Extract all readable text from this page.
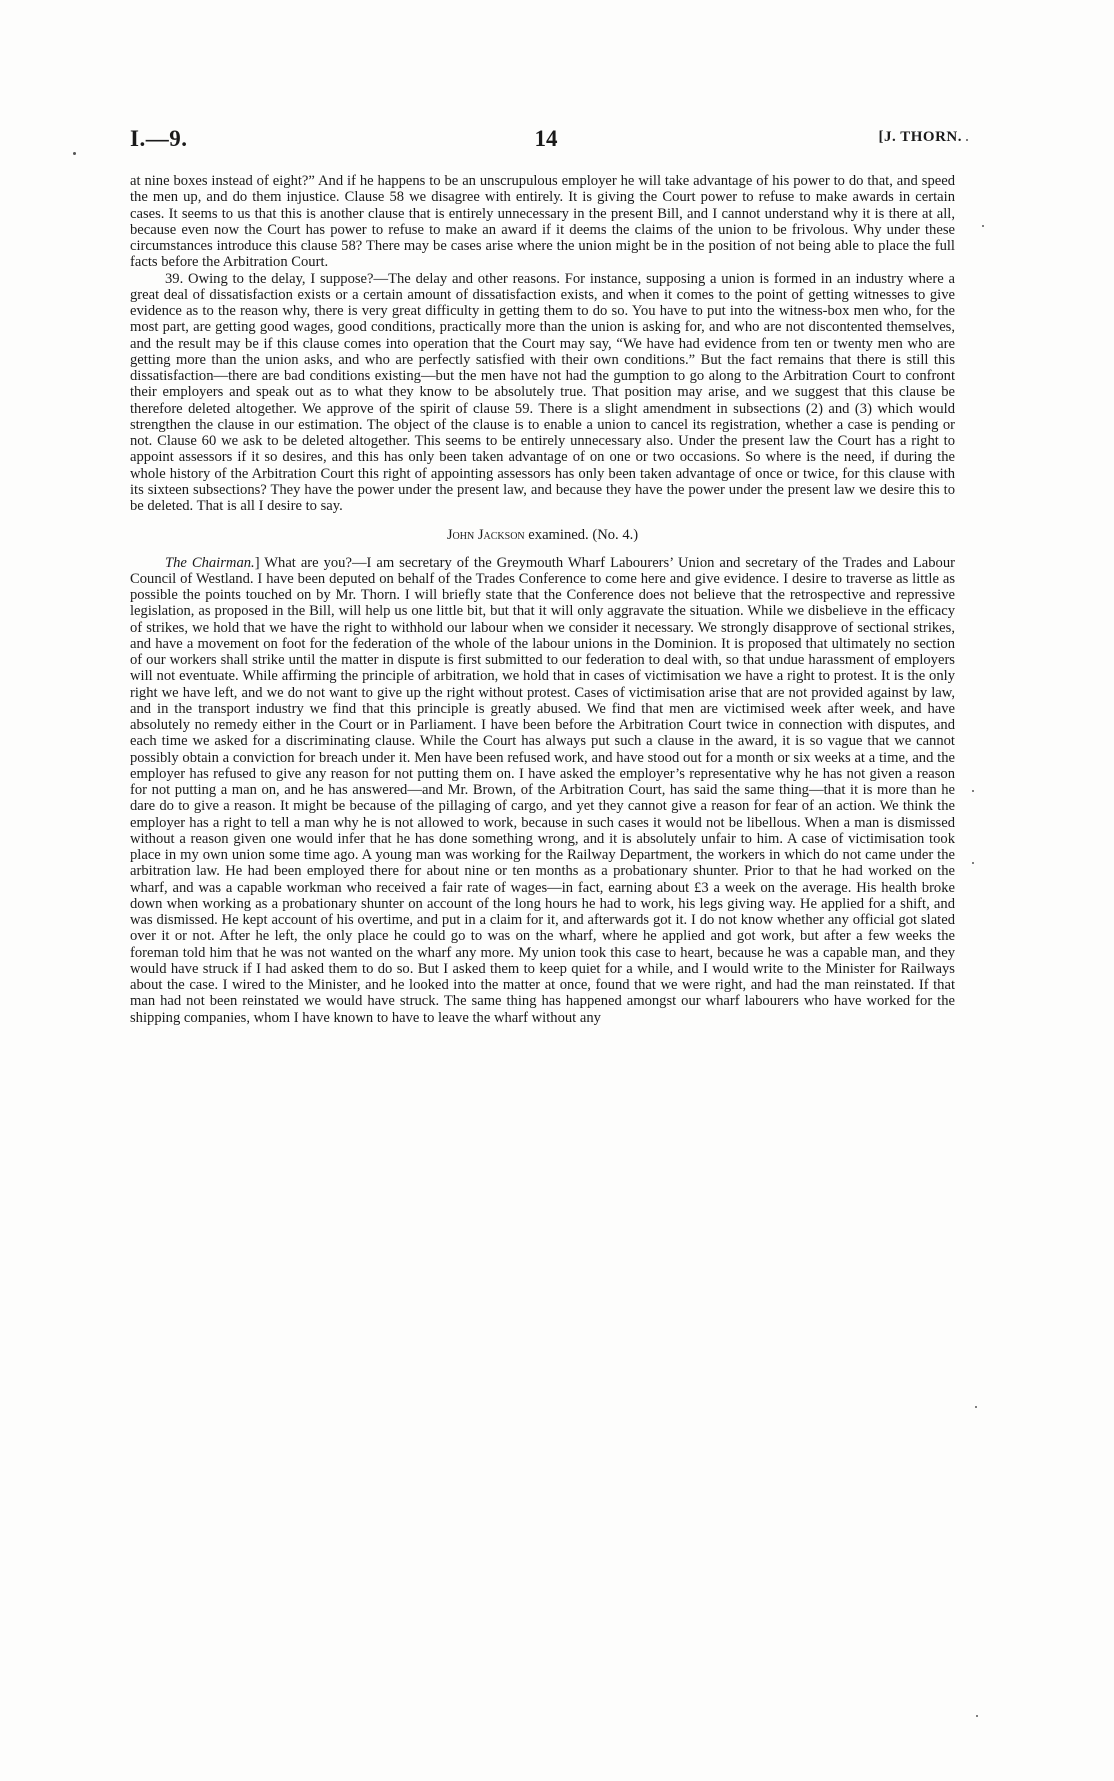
I.—9.	14	[J. THORN.

at nine boxes instead of eight?” And if he happens to be an unscrupulous employer he will take advantage of his power to do that, and speed the men up, and do them injustice. Clause 58 we disagree with entirely. It is giving the Court power to refuse to make awards in certain cases. It seems to us that this is another clause that is entirely unnecessary in the present Bill, and I cannot understand why it is there at all, because even now the Court has power to refuse to make an award if it deems the claims of the union to be frivolous. Why under these circumstances introduce this clause 58? There may be cases arise where the union might be in the position of not being able to place the full facts before the Arbitration Court.

39. Owing to the delay, I suppose?—The delay and other reasons. For instance, supposing a union is formed in an industry where a great deal of dissatisfaction exists or a certain amount of dissatisfaction exists, and when it comes to the point of getting witnesses to give evidence as to the reason why, there is very great difficulty in getting them to do so. You have to put into the witness-box men who, for the most part, are getting good wages, good conditions, practically more than the union is asking for, and who are not discontented themselves, and the result may be if this clause comes into operation that the Court may say, “We have had evidence from ten or twenty men who are getting more than the union asks, and who are perfectly satisfied with their own conditions.” But the fact remains that there is still this dissatisfaction—there are bad conditions existing—but the men have not had the gumption to go along to the Arbitration Court to confront their employers and speak out as to what they know to be absolutely true. That position may arise, and we suggest that this clause be therefore deleted altogether. We approve of the spirit of clause 59. There is a slight amendment in subsections (2) and (3) which would strengthen the clause in our estimation. The object of the clause is to enable a union to cancel its registration, whether a case is pending or not. Clause 60 we ask to be deleted altogether. This seems to be entirely unnecessary also. Under the present law the Court has a right to appoint assessors if it so desires, and this has only been taken advantage of on one or two occasions. So where is the need, if during the whole history of the Arbitration Court this right of appointing assessors has only been taken advantage of once or twice, for this clause with its sixteen subsections? They have the power under the present law, and because they have the power under the present law we desire this to be deleted. That is all I desire to say.

John Jackson examined. (No. 4.)

The Chairman.] What are you?—I am secretary of the Greymouth Wharf Labourers’ Union and secretary of the Trades and Labour Council of Westland. I have been deputed on behalf of the Trades Conference to come here and give evidence. I desire to traverse as little as possible the points touched on by Mr. Thorn. I will briefly state that the Conference does not believe that the retrospective and repressive legislation, as proposed in the Bill, will help us one little bit, but that it will only aggravate the situation. While we disbelieve in the efficacy of strikes, we hold that we have the right to withhold our labour when we consider it necessary. We strongly disapprove of sectional strikes, and have a movement on foot for the federation of the whole of the labour unions in the Dominion. It is proposed that ultimately no section of our workers shall strike until the matter in dispute is first submitted to our federation to deal with, so that undue harassment of employers will not eventuate. While affirming the principle of arbitration, we hold that in cases of victimisation we have a right to protest. It is the only right we have left, and we do not want to give up the right without protest. Cases of victimisation arise that are not provided against by law, and in the transport industry we find that this principle is greatly abused. We find that men are victimised week after week, and have absolutely no remedy either in the Court or in Parliament. I have been before the Arbitration Court twice in connection with disputes, and each time we asked for a discriminating clause. While the Court has always put such a clause in the award, it is so vague that we cannot possibly obtain a conviction for breach under it. Men have been refused work, and have stood out for a month or six weeks at a time, and the employer has refused to give any reason for not putting them on. I have asked the employer’s representative why he has not given a reason for not putting a man on, and he has answered—and Mr. Brown, of the Arbitration Court, has said the same thing—that it is more than he dare do to give a reason. It might be because of the pillaging of cargo, and yet they cannot give a reason for fear of an action. We think the employer has a right to tell a man why he is not allowed to work, because in such cases it would not be libellous. When a man is dismissed without a reason given one would infer that he has done something wrong, and it is absolutely unfair to him. A case of victimisation took place in my own union some time ago. A young man was working for the Railway Department, the workers in which do not came under the arbitration law. He had been employed there for about nine or ten months as a probationary shunter. Prior to that he had worked on the wharf, and was a capable workman who received a fair rate of wages—in fact, earning about £3 a week on the average. His health broke down when working as a probationary shunter on account of the long hours he had to work, his legs giving way. He applied for a shift, and was dismissed. He kept account of his overtime, and put in a claim for it, and afterwards got it. I do not know whether any official got slated over it or not. After he left, the only place he could go to was on the wharf, where he applied and got work, but after a few weeks the foreman told him that he was not wanted on the wharf any more. My union took this case to heart, because he was a capable man, and they would have struck if I had asked them to do so. But I asked them to keep quiet for a while, and I would write to the Minister for Railways about the case. I wired to the Minister, and he looked into the matter at once, found that we were right, and had the man reinstated. If that man had not been reinstated we would have struck. The same thing has happened amongst our wharf labourers who have worked for the shipping companies, whom I have known to have to leave the wharf without any
